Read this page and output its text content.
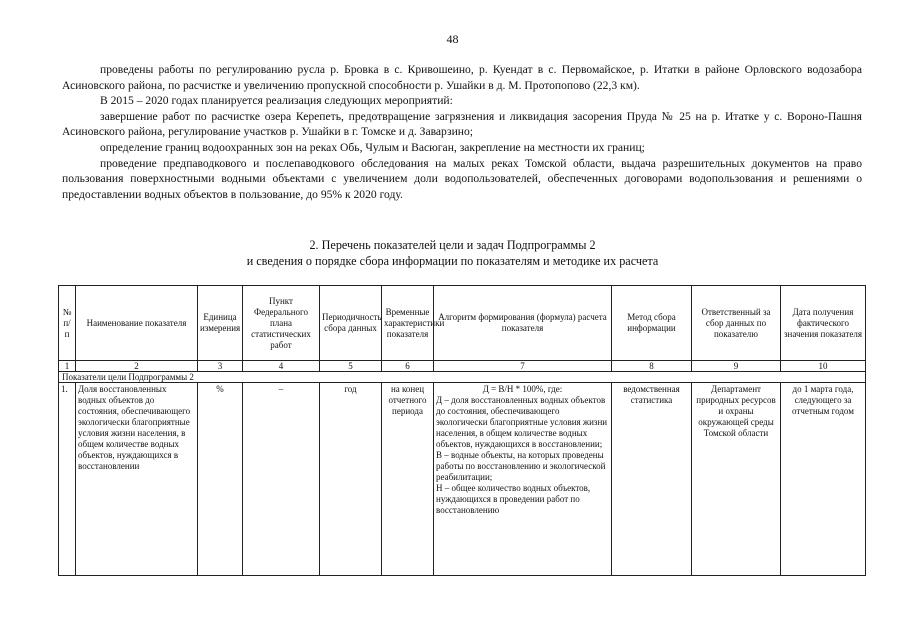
48

проведены работы по регулированию русла р. Бровка в с. Кривошеино, р. Куендат в с. Первомайское, р. Итатки в районе Орловского водозабора Асиновского района, по расчистке и увеличению пропускной способности р. Ушайки в д. М. Протопопово (22,3 км).

В 2015 – 2020 годах планируется реализация следующих мероприятий:

завершение работ по расчистке озера Керепеть, предотвращение загрязнения и ликвидация засорения Пруда № 25 на р. Итатке у с. Вороно-Пашня Асиновского района, регулирование участков р. Ушайки в г. Томске и д. Заварзино;

определение границ водоохранных зон на реках Обь, Чулым и Васюган, закрепление на местности их границ;

проведение предпаводкового и послепаводкового обследования на малых реках Томской области, выдача разрешительных документов на право пользования поверхностными водными объектами с увеличением доли водопользователей, обеспеченных договорами водопользования и решениями о предоставлении водных объектов в пользование, до 95% к 2020 году.

2. Перечень показателей цели и задач Подпрограммы 2
и сведения о порядке сбора информации по показателям и методике их расчета
№ п/п	Наименование показателя	Единица измерения	Пункт Федерального плана статистических работ	Периодичность сбора данных	Временные характеристики показателя	Алгоритм формирования (формула) расчета показателя	Метод сбора информации	Ответственный за сбор данных по показателю	Дата получения фактического значения показателя
1	2	3	4	5	6	7	8	9	10
Показатели цели Подпрограммы 2									
1.	Доля восстановленных водных объектов до состояния, обеспечивающего экологически благоприятные условия жизни населения, в общем количестве водных объектов, нуждающихся в восстановлении	%	–	год	на конец отчетного периода	Д = В/Н * 100%, где:
Д – доля восстановленных водных объектов до состояния, обеспечивающего экологически благоприятные условия жизни населения, в общем количестве водных объектов, нуждающихся в восстановлении;
В – водные объекты, на которых проведены работы по восстановлению и экологической реабилитации;
Н – общее количество водных объектов, нуждающихся в проведении работ по восстановлению	ведомственная статистика	Департамент природных ресурсов и охраны окружающей среды Томской области	до 1 марта года, следующего за отчетным годом
